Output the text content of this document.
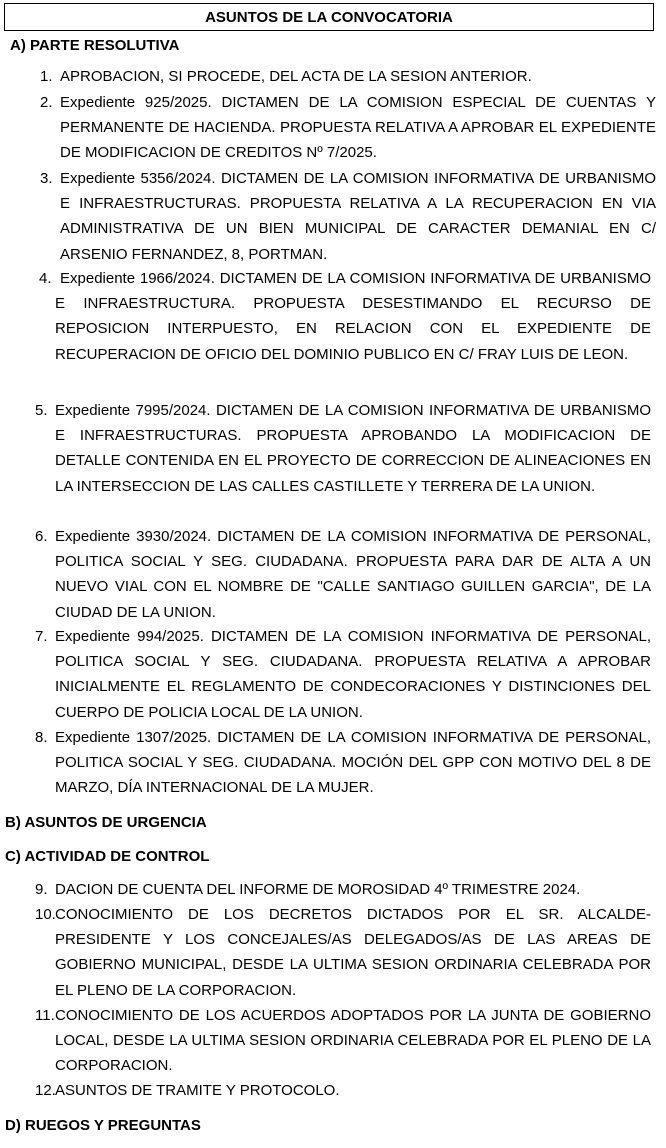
ASUNTOS DE LA CONVOCATORIA
A) PARTE RESOLUTIVA
1. APROBACION, SI PROCEDE, DEL ACTA DE LA SESION ANTERIOR.
2. Expediente 925/2025. DICTAMEN DE LA COMISION ESPECIAL DE CUENTAS Y PERMANENTE DE HACIENDA. PROPUESTA RELATIVA A APROBAR EL EXPEDIENTE DE MODIFICACION DE CREDITOS Nº 7/2025.
3. Expediente 5356/2024. DICTAMEN DE LA COMISION INFORMATIVA DE URBANISMO E INFRAESTRUCTURAS. PROPUESTA RELATIVA A LA RECUPERACION EN VIA ADMINISTRATIVA DE UN BIEN MUNICIPAL DE CARACTER DEMANIAL EN C/ ARSENIO FERNANDEZ, 8, PORTMAN.
4. Expediente 1966/2024. DICTAMEN DE LA COMISION INFORMATIVA DE URBANISMO E INFRAESTRUCTURA. PROPUESTA DESESTIMANDO EL RECURSO DE REPOSICION INTERPUESTO, EN RELACION CON EL EXPEDIENTE DE RECUPERACION DE OFICIO DEL DOMINIO PUBLICO EN C/ FRAY LUIS DE LEON.
5. Expediente 7995/2024. DICTAMEN DE LA COMISION INFORMATIVA DE URBANISMO E INFRAESTRUCTURAS. PROPUESTA APROBANDO LA MODIFICACION DE DETALLE CONTENIDA EN EL PROYECTO DE CORRECCION DE ALINEACIONES EN LA INTERSECCION DE LAS CALLES CASTILLETE Y TERRERA DE LA UNION.
6. Expediente 3930/2024. DICTAMEN DE LA COMISION INFORMATIVA DE PERSONAL, POLITICA SOCIAL Y SEG. CIUDADANA. PROPUESTA PARA DAR DE ALTA A UN NUEVO VIAL CON EL NOMBRE DE "CALLE SANTIAGO GUILLEN GARCIA", DE LA CIUDAD DE LA UNION.
7. Expediente 994/2025. DICTAMEN DE LA COMISION INFORMATIVA DE PERSONAL, POLITICA SOCIAL Y SEG. CIUDADANA. PROPUESTA RELATIVA A APROBAR INICIALMENTE EL REGLAMENTO DE CONDECORACIONES Y DISTINCIONES DEL CUERPO DE POLICIA LOCAL DE LA UNION.
8. Expediente 1307/2025. DICTAMEN DE LA COMISION INFORMATIVA DE PERSONAL, POLITICA SOCIAL Y SEG. CIUDADANA. MOCIÓN DEL GPP CON MOTIVO DEL 8 DE MARZO, DÍA INTERNACIONAL DE LA MUJER.
B) ASUNTOS DE URGENCIA
C) ACTIVIDAD DE CONTROL
9. DACION DE CUENTA DEL INFORME DE MOROSIDAD 4º TRIMESTRE 2024.
10. CONOCIMIENTO DE LOS DECRETOS DICTADOS POR EL SR. ALCALDE-PRESIDENTE Y LOS CONCEJALES/AS DELEGADOS/AS DE LAS AREAS DE GOBIERNO MUNICIPAL, DESDE LA ULTIMA SESION ORDINARIA CELEBRADA POR EL PLENO DE LA CORPORACION.
11. CONOCIMIENTO DE LOS ACUERDOS ADOPTADOS POR LA JUNTA DE GOBIERNO LOCAL, DESDE LA ULTIMA SESION ORDINARIA CELEBRADA POR EL PLENO DE LA CORPORACION.
12. ASUNTOS DE TRAMITE Y PROTOCOLO.
D) RUEGOS Y PREGUNTAS
